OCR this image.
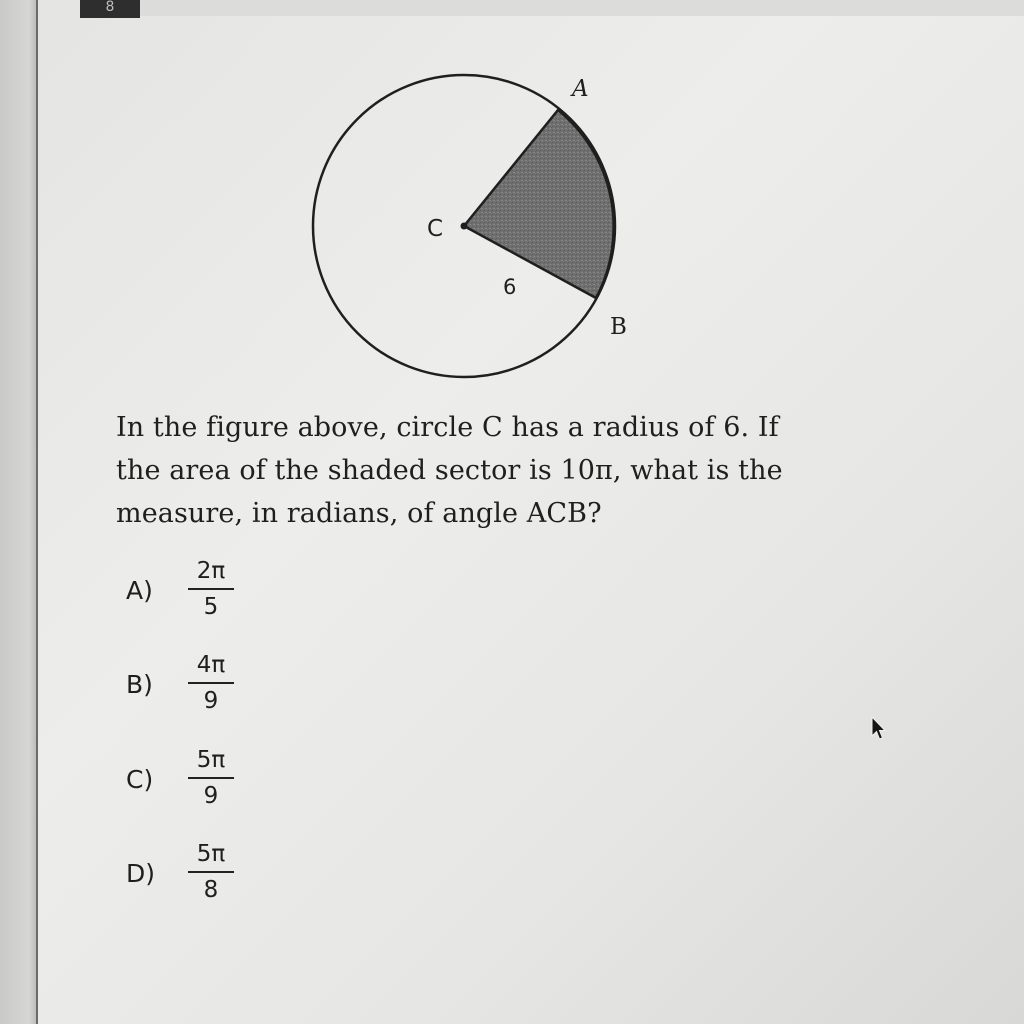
8
A
B
C
6
In the figure above, circle C has a radius of 6. If
the area of the shaded sector is 10π, what is the
measure, in radians, of angle ACB?
A)
2π
5
B)
4π
9
C)
5π
9
D)
5π
8
